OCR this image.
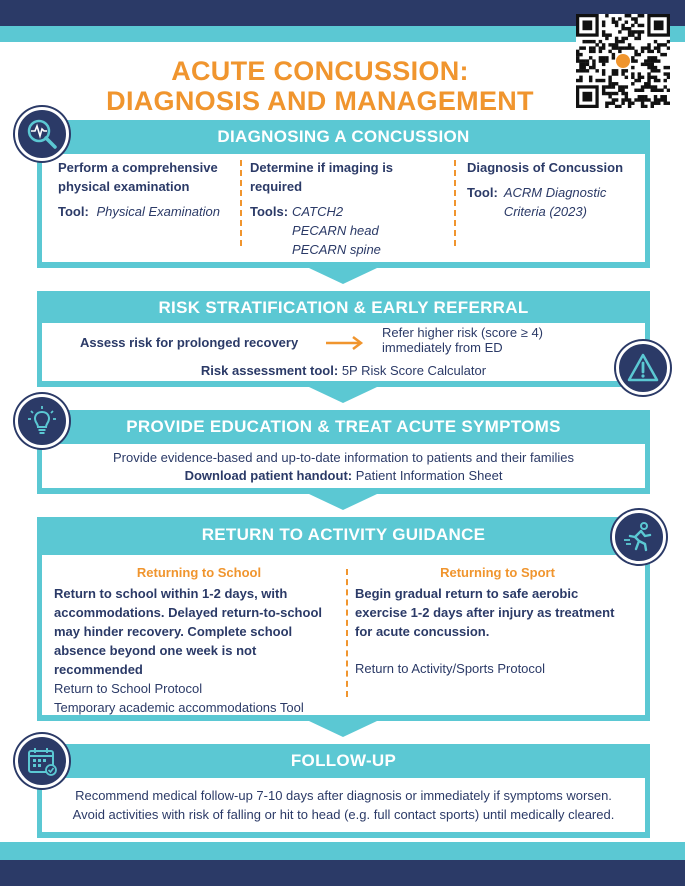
ACUTE CONCUSSION:
DIAGNOSIS AND MANAGEMENT
DIAGNOSING A CONCUSSION
Perform a comprehensive
physical examination
Tool: Physical Examination
Determine if imaging is
required
Tools: CATCH2
PECARN head
PECARN spine
Diagnosis of Concussion
Tool: ACRM Diagnostic
Criteria (2023)
RISK STRATIFICATION & EARLY REFERRAL
Assess risk for prolonged recovery
Refer higher risk (score ≥ 4)
immediately from ED
Risk assessment tool: 5P Risk Score Calculator
PROVIDE EDUCATION & TREAT ACUTE SYMPTOMS
Provide evidence-based and up-to-date information to patients and their families
Download patient handout: Patient Information Sheet
RETURN TO ACTIVITY GUIDANCE
Returning to School
Return to school within 1-2 days, with
accommodations. Delayed return-to-school
may hinder recovery. Complete school
absence beyond one week is not
recommended
Return to School Protocol
Temporary academic accommodations Tool
Returning to Sport
Begin gradual return to safe aerobic
exercise 1-2 days after injury as treatment
for acute concussion.
Return to Activity/Sports Protocol
FOLLOW-UP
Recommend medical follow-up 7-10 days after diagnosis or immediately if symptoms worsen.
Avoid activities with risk of falling or hit to head (e.g. full contact sports) until medically cleared.
